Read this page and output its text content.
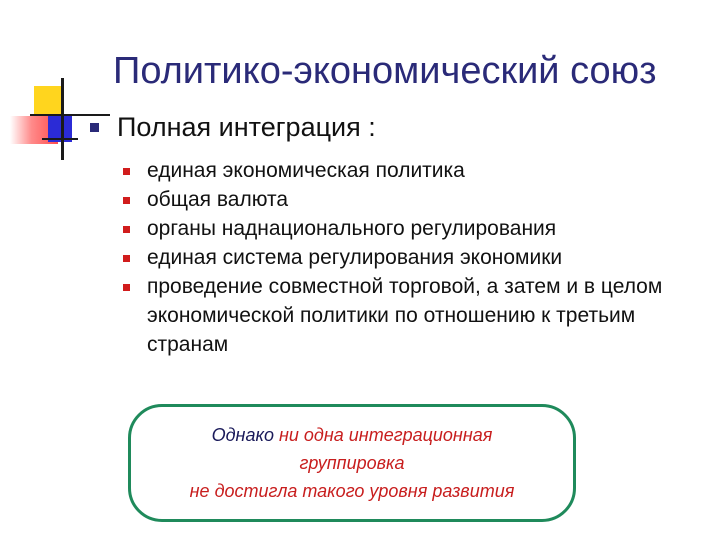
Политико-экономический союз
Полная интеграция :
единая экономическая политика
общая валюта
органы наднационального регулирования
единая система регулирования экономики
проведение совместной торговой, а затем и в целом экономической политики по отношению к третьим странам
Однако ни одна интеграционная
группировка
не достигла такого уровня развития
